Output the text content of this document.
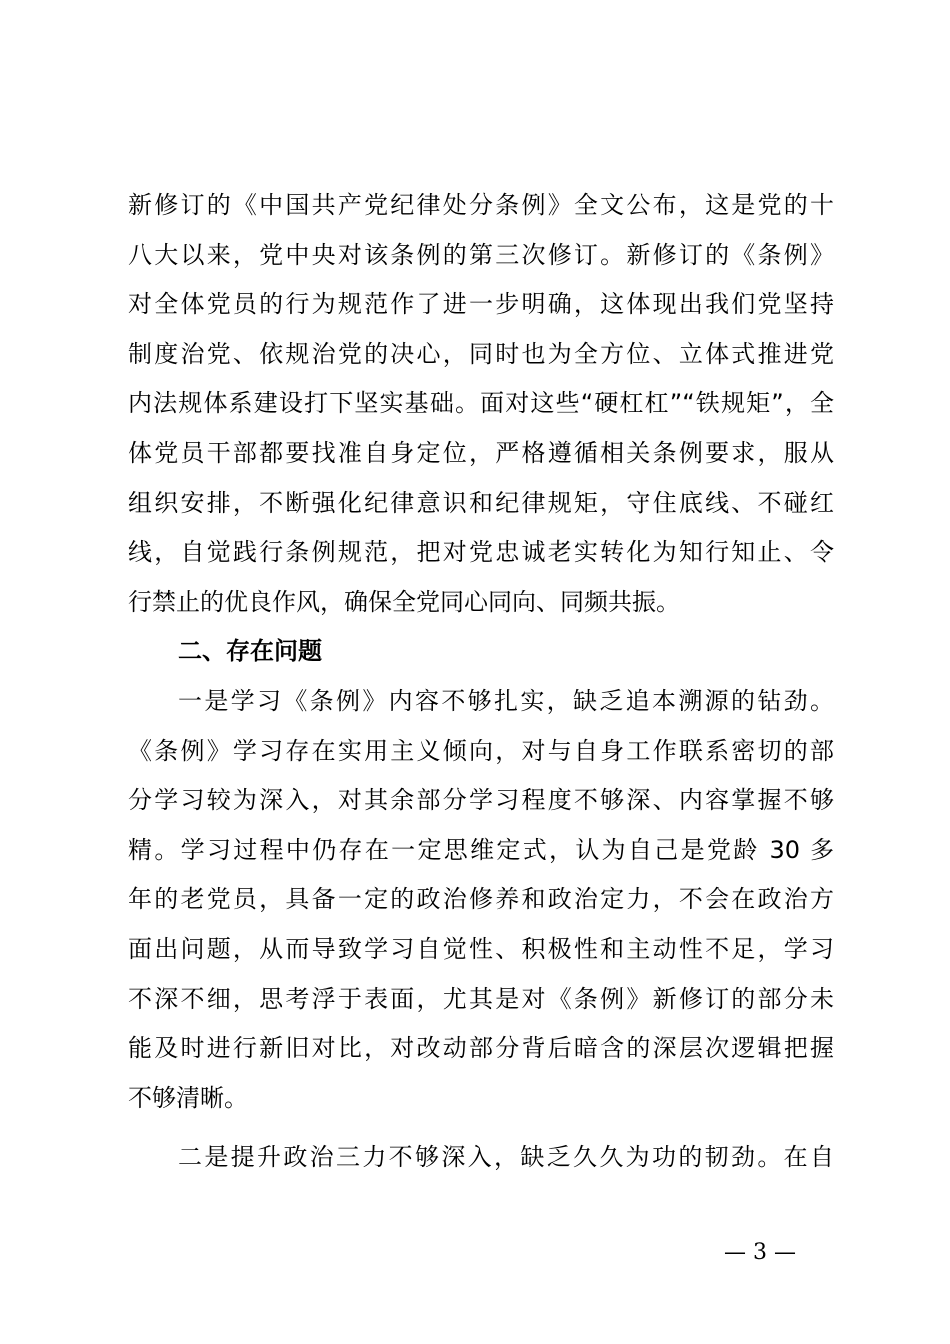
新修订的《中国共产党纪律处分条例》全文公布，这是党的十
八大以来，党中央对该条例的第三次修订。新修订的《条例》
对全体党员的行为规范作了进一步明确，这体现出我们党坚持
制度治党、依规治党的决心，同时也为全方位、立体式推进党
内法规体系建设打下坚实基础。面对这些“硬杠杠”“铁规矩”，全
体党员干部都要找准自身定位，严格遵循相关条例要求，服从
组织安排，不断强化纪律意识和纪律规矩，守住底线、不碰红
线，自觉践行条例规范，把对党忠诚老实转化为知行知止、令
行禁止的优良作风，确保全党同心同向、同频共振。
二、存在问题
一是学习《条例》内容不够扎实，缺乏追本溯源的钻劲。
《条例》学习存在实用主义倾向，对与自身工作联系密切的部
分学习较为深入，对其余部分学习程度不够深、内容掌握不够
精。学习过程中仍存在一定思维定式，认为自己是党龄 30 多
年的老党员，具备一定的政治修养和政治定力，不会在政治方
面出问题，从而导致学习自觉性、积极性和主动性不足，学习
不深不细，思考浮于表面，尤其是对《条例》新修订的部分未
能及时进行新旧对比，对改动部分背后暗含的深层次逻辑把握
不够清晰。
二是提升政治三力不够深入，缺乏久久为功的韧劲。在自
— 3 —
